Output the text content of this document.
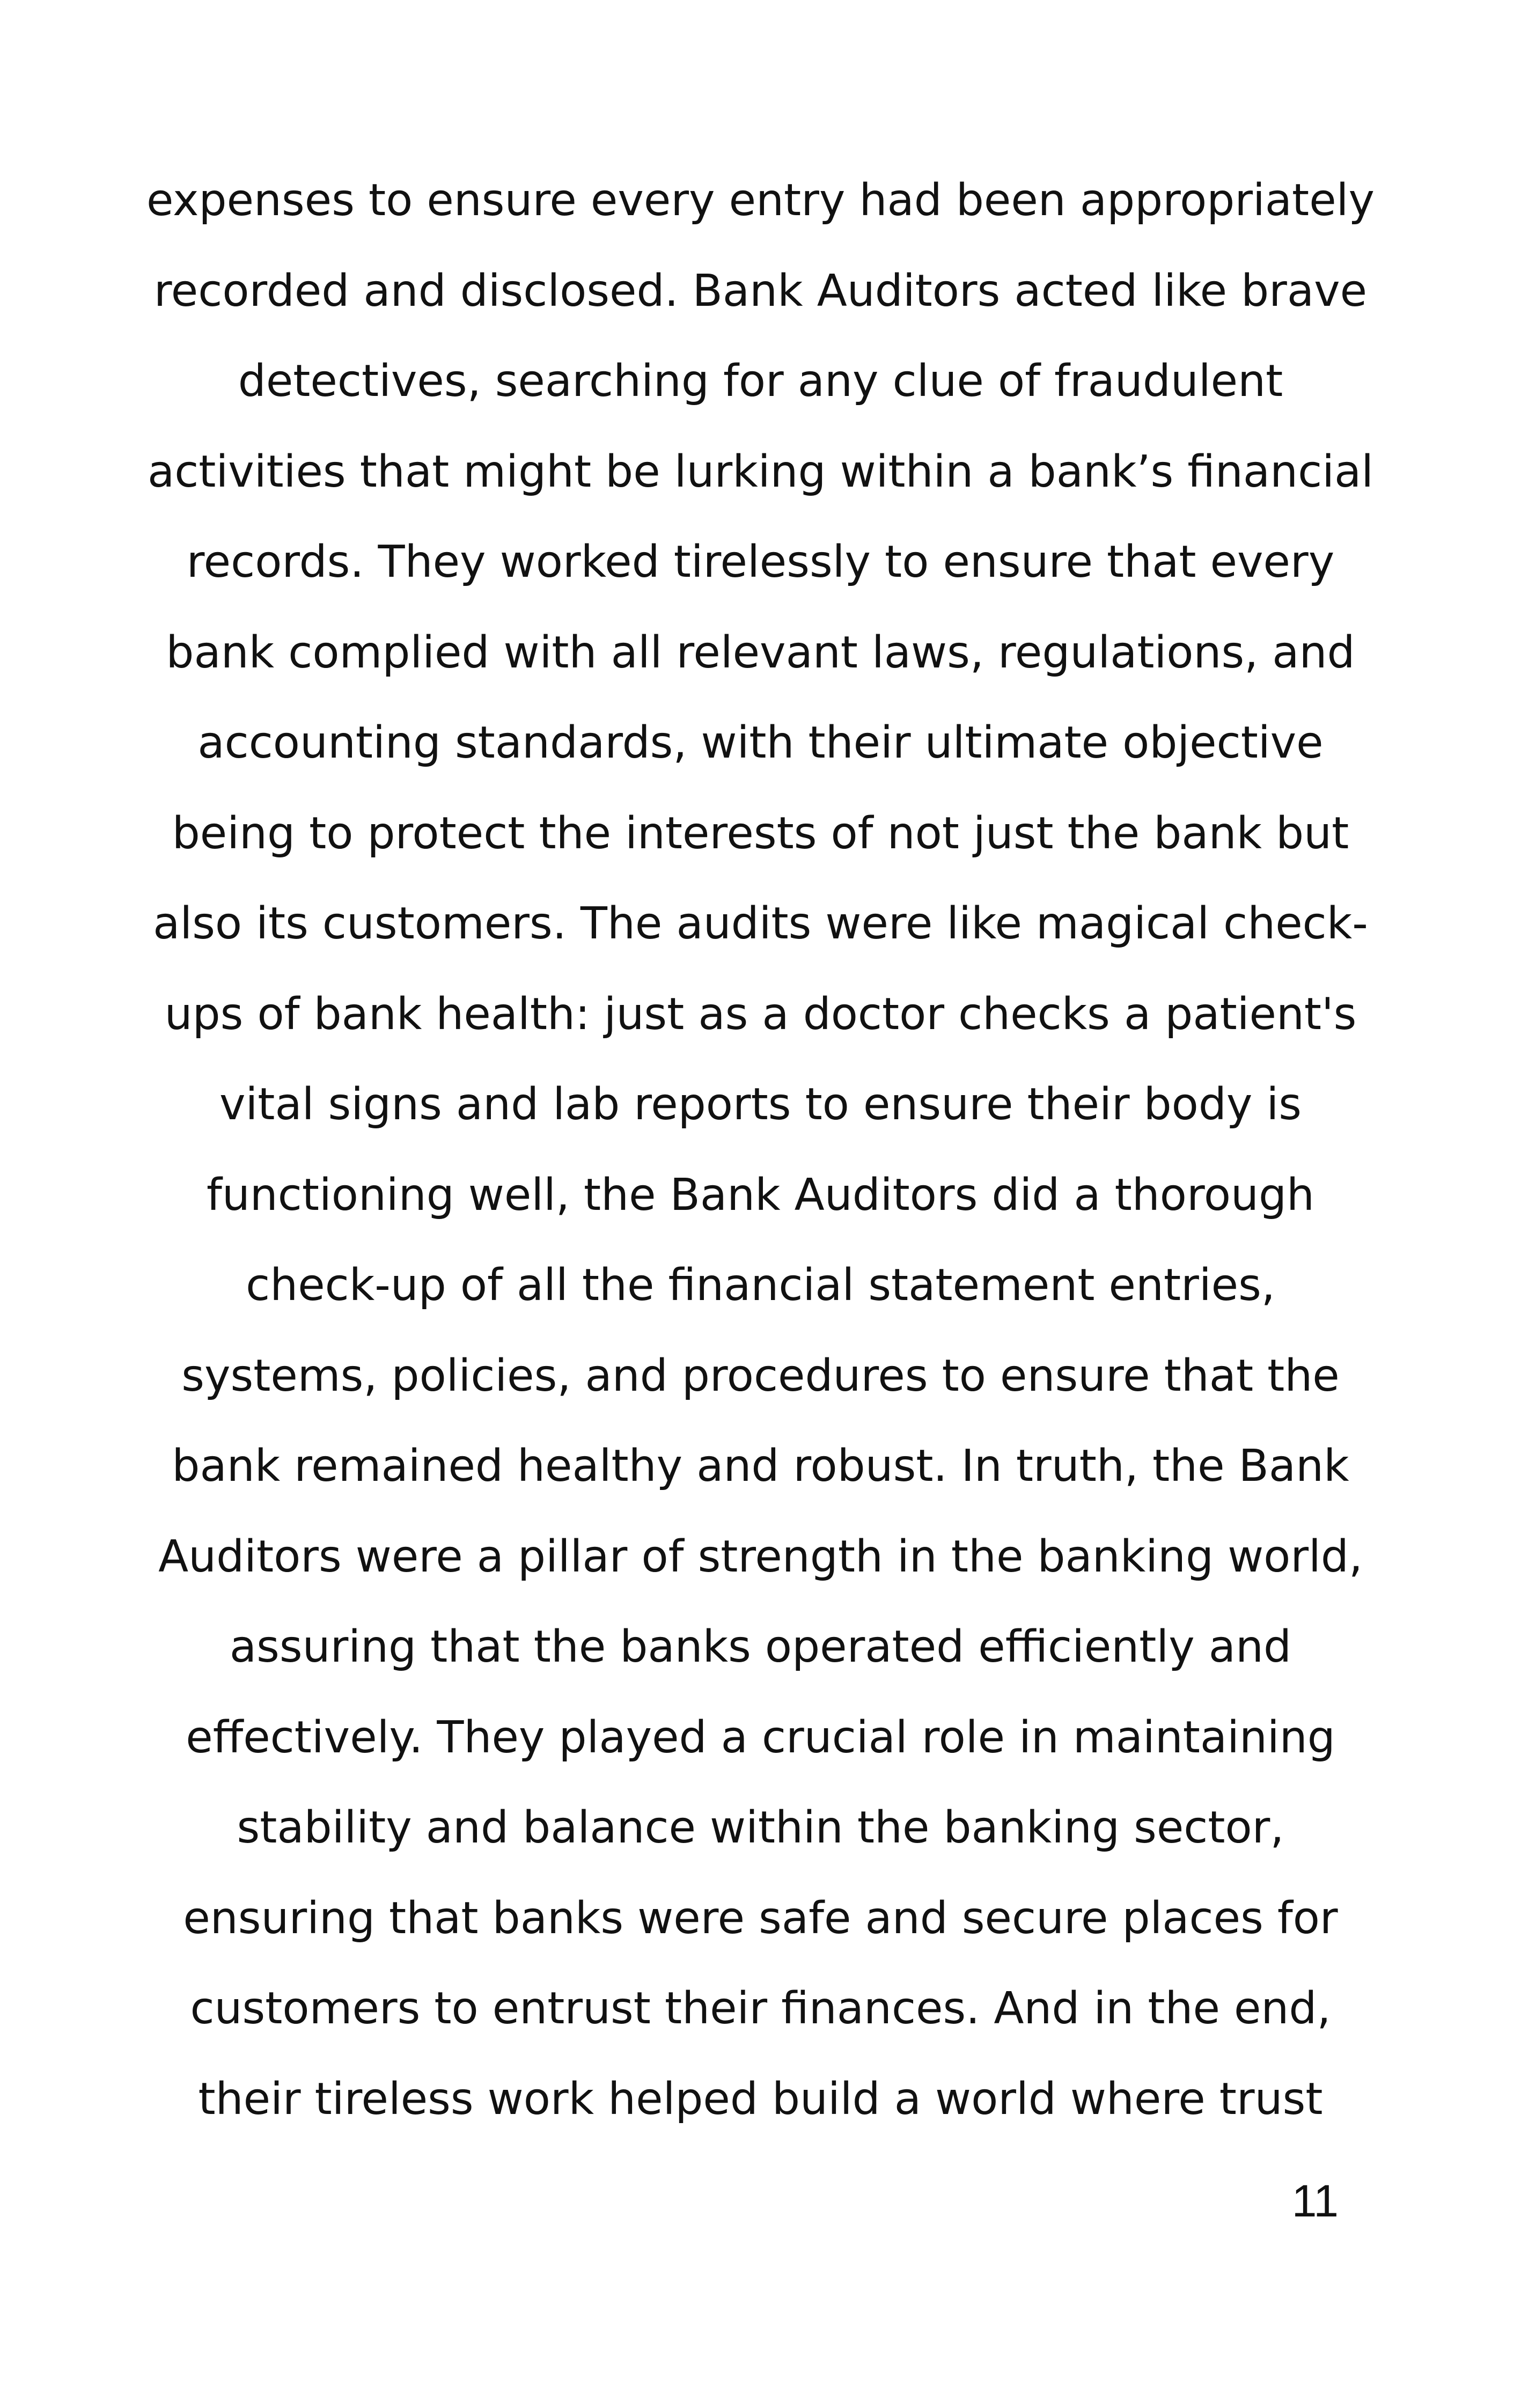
expenses to ensure every entry had been appropriately
recorded and disclosed. Bank Auditors acted like brave
detectives, searching for any clue of fraudulent
activities that might be lurking within a bank’s financial
records. They worked tirelessly to ensure that every
bank complied with all relevant laws, regulations, and
accounting standards, with their ultimate objective
being to protect the interests of not just the bank but
also its customers. The audits were like magical check-
ups of bank health: just as a doctor checks a patient's
vital signs and lab reports to ensure their body is
functioning well, the Bank Auditors did a thorough
check-up of all the financial statement entries,
systems, policies, and procedures to ensure that the
bank remained healthy and robust. In truth, the Bank
Auditors were a pillar of strength in the banking world,
assuring that the banks operated efficiently and
effectively. They played a crucial role in maintaining
stability and balance within the banking sector,
ensuring that banks were safe and secure places for
customers to entrust their finances. And in the end,
their tireless work helped build a world where trust
11
